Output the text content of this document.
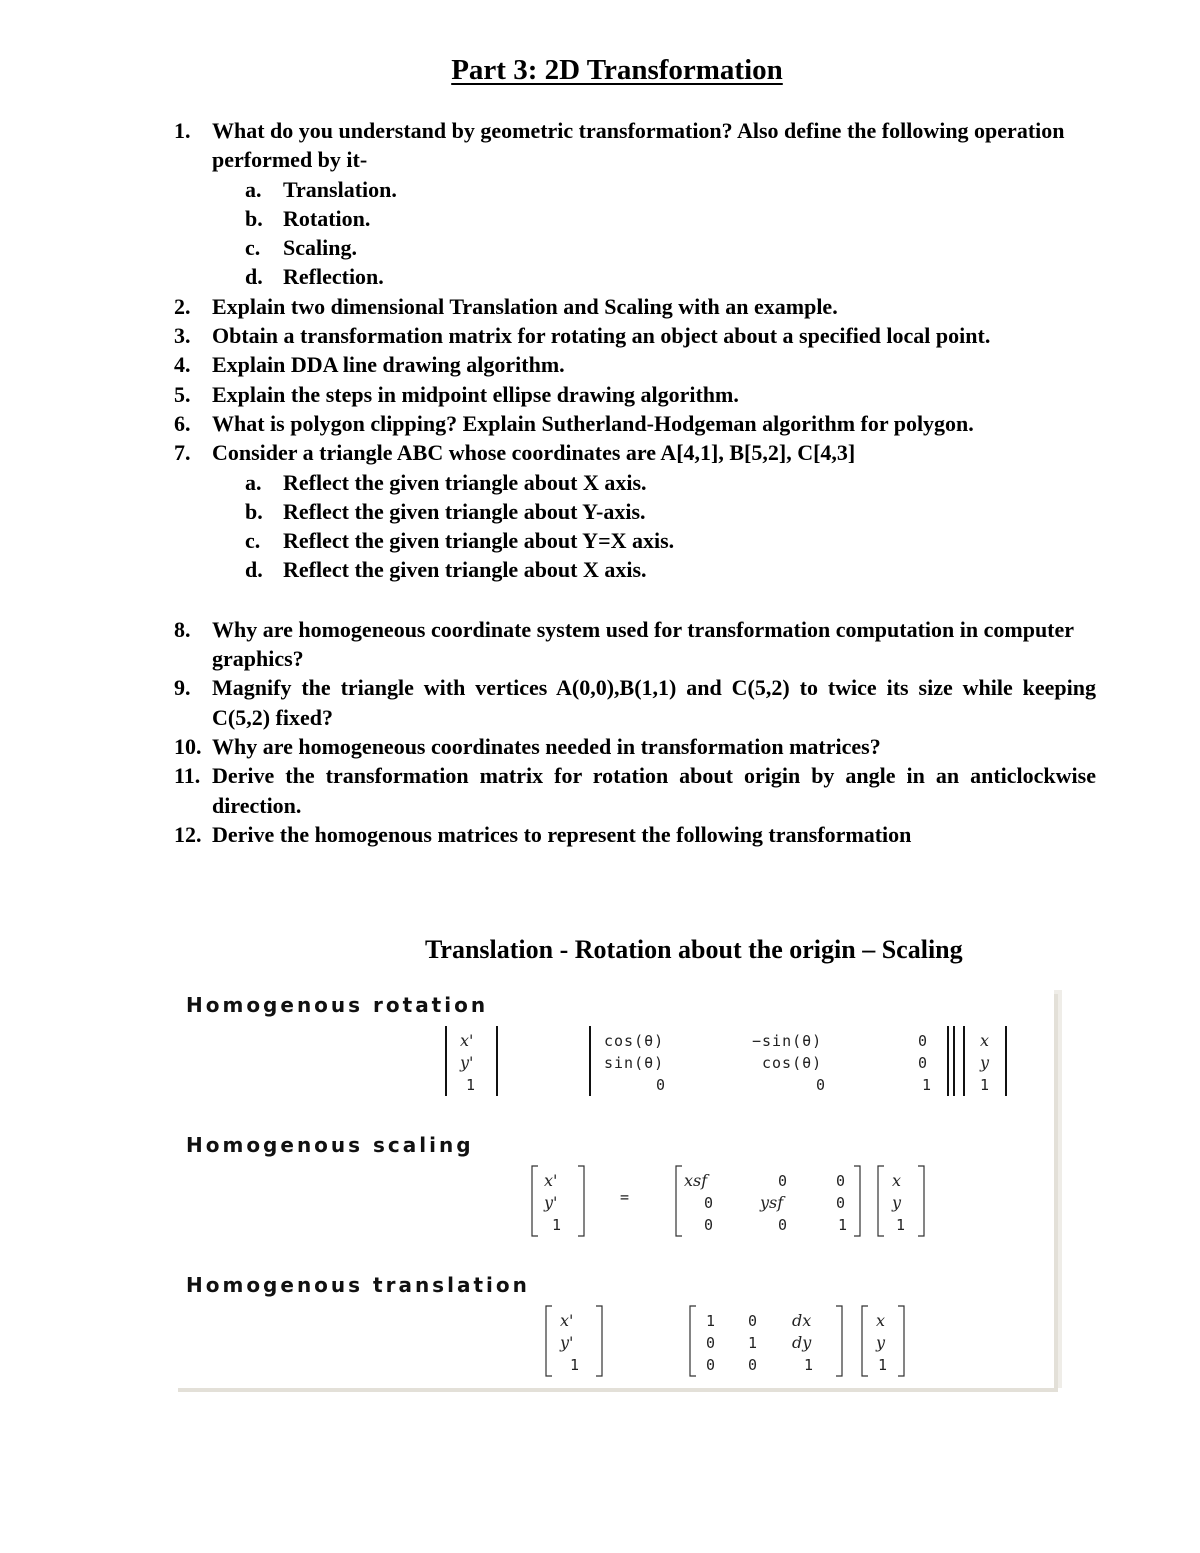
Part 3: 2D Transformation
1. What do you understand by geometric transformation? Also define the following operation performed by it-
a. Translation.
b. Rotation.
c.	Scaling.
d. Reflection.
2. Explain two dimensional Translation and Scaling with an example.
3. Obtain a transformation matrix for rotating an object about a specified local point.
4. Explain DDA line drawing algorithm.
5. Explain the steps in midpoint ellipse drawing algorithm.
6. What is polygon clipping? Explain Sutherland-Hodgeman algorithm for polygon.
7. Consider a triangle ABC whose coordinates are A[4,1], B[5,2], C[4,3]
a. Reflect the given triangle about X axis.
b. Reflect the given triangle about Y-axis.
c.	Reflect the given triangle about Y=X axis.
d. Reflect the given triangle about X axis.
8. Why are homogeneous coordinate system used for transformation computation in computer graphics?
9. Magnify the triangle with vertices A(0,0),B(1,1) and C(5,2) to twice its size while keeping C(5,2) fixed?
10. Why are homogeneous coordinates needed in transformation matrices?
11. Derive the transformation matrix for rotation about origin by angle in an anticlockwise direction.
12. Derive the homogenous matrices to represent the following transformation
Translation - Rotation about the origin – Scaling
Homogenous rotation
x'
y'
1
cos(θ)	−sin(θ)	0
sin(θ)	cos(θ)	0
0	0	1
x
y
1
Homogenous scaling
x'
y'
1
=
xsf	0	0
0	ysf	0
0	0	1
x
y
1
Homogenous translation
x'
y'
1
1 0 dx
0 1 dy
0 0	1
x
y
1
